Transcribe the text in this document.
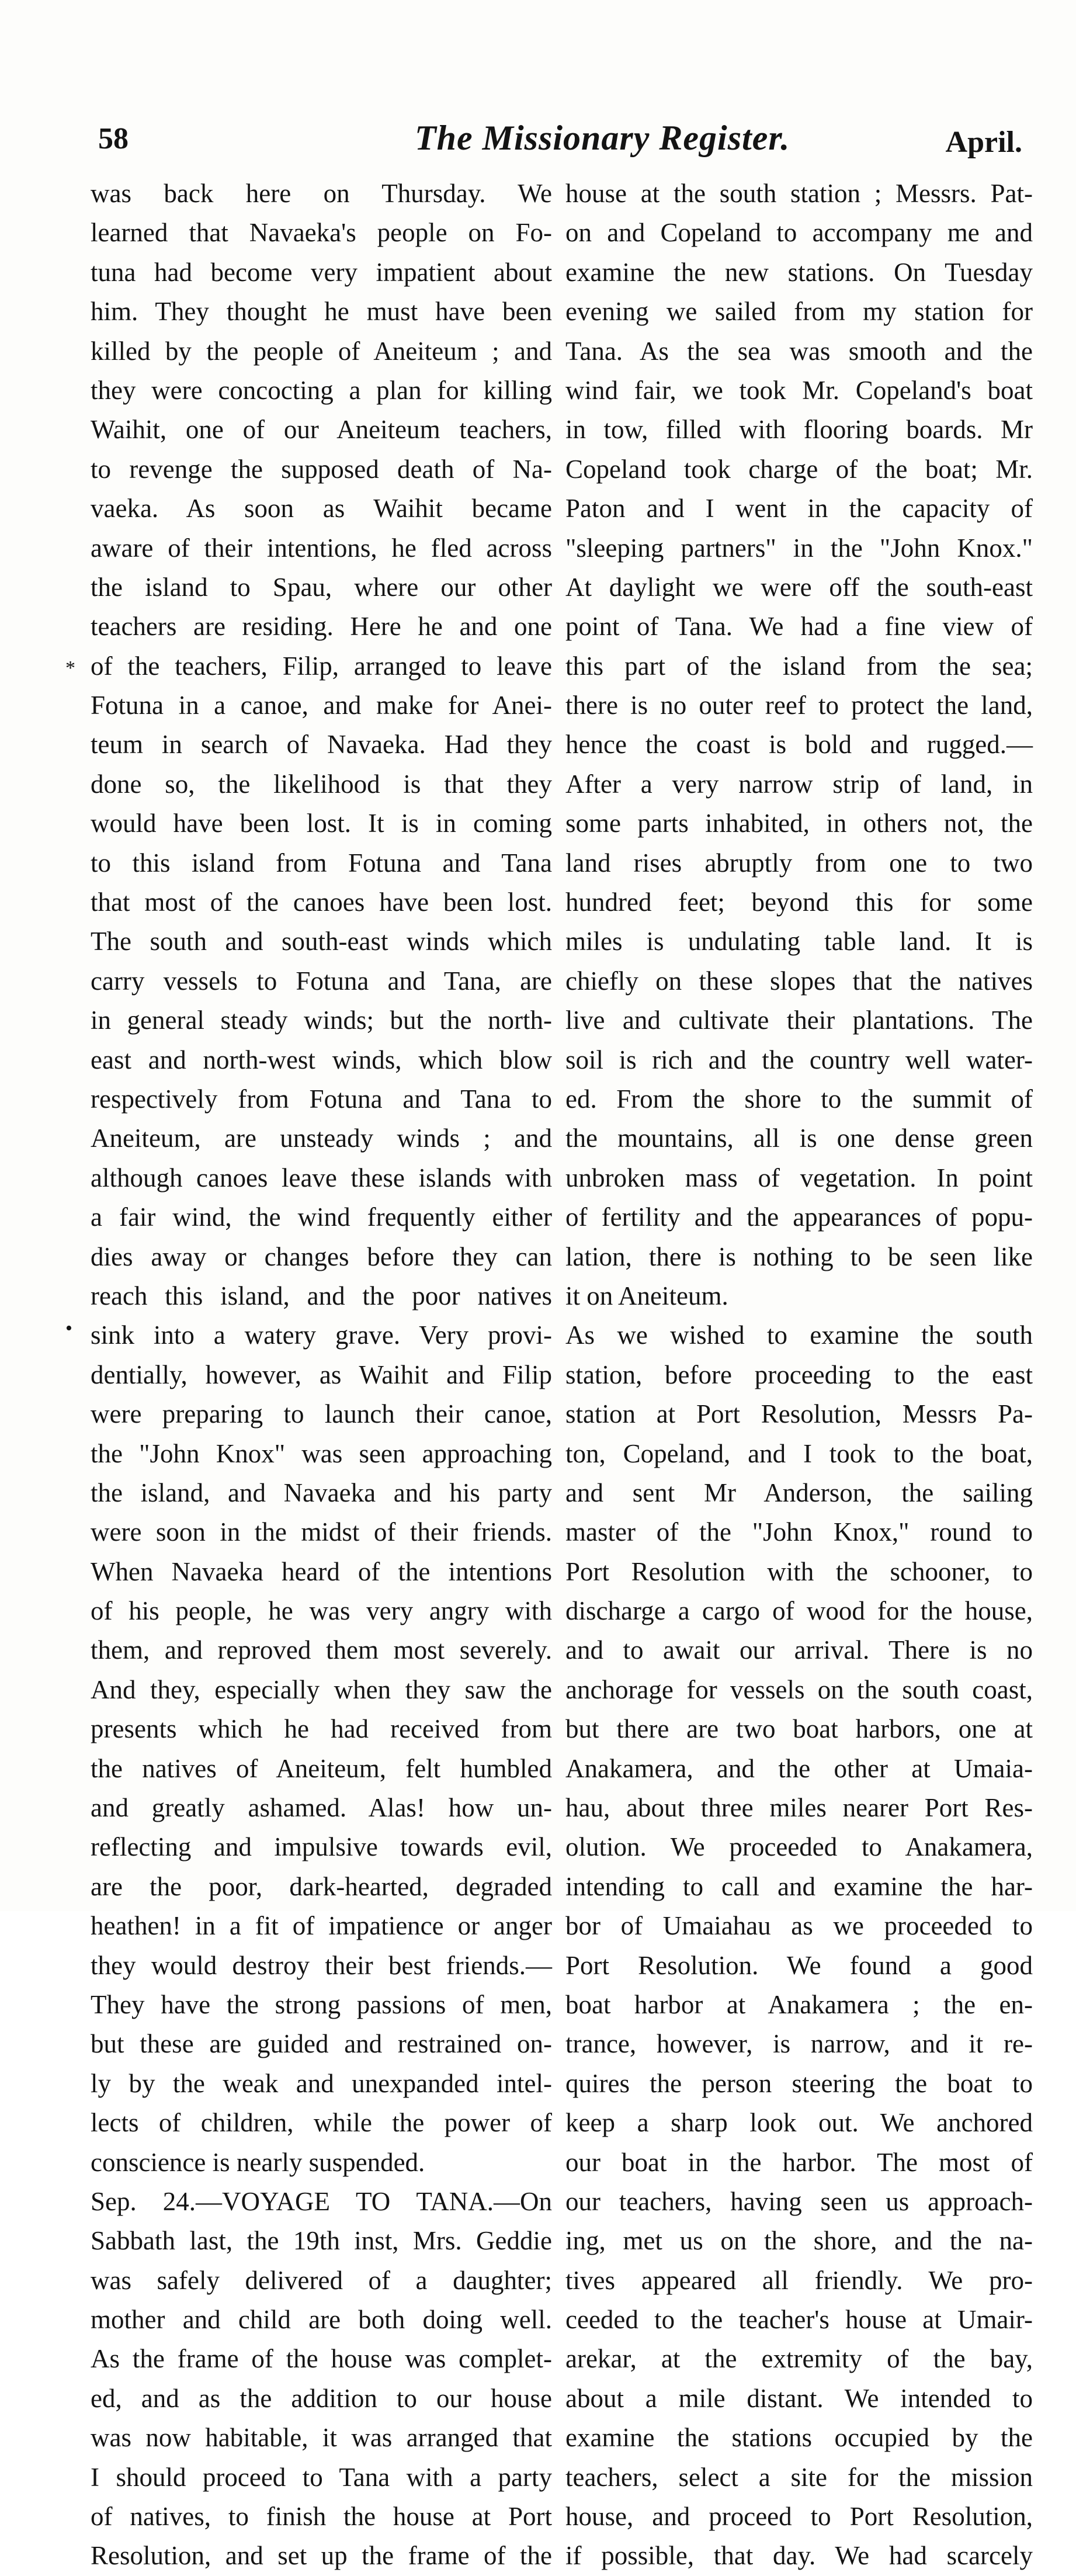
58	The Missionary Register.	April.
*
•
was back here on Thursday. We
learned that Navaeka's people on Fo-
tuna had become very impatient about
him. They thought he must have been
killed by the people of Aneiteum ; and
they were concocting a plan for killing
Waihit, one of our Aneiteum teachers,
to revenge the supposed death of Na-
vaeka. As soon as Waihit became
aware of their intentions, he fled across
the island to Spau, where our other
teachers are residing. Here he and one
of the teachers, Filip, arranged to leave
Fotuna in a canoe, and make for Anei-
teum in search of Navaeka. Had they
done so, the likelihood is that they
would have been lost. It is in coming
to this island from Fotuna and Tana
that most of the canoes have been lost.
The south and south-east winds which
carry vessels to Fotuna and Tana, are
in general steady winds; but the north-
east and north-west winds, which blow
respectively from Fotuna and Tana to
Aneiteum, are unsteady winds ; and
although canoes leave these islands with
a fair wind, the wind frequently either
dies away or changes before they can
reach this island, and the poor natives
sink into a watery grave. Very provi-
dentially, however, as Waihit and Filip
were preparing to launch their canoe,
the "John Knox" was seen approaching
the island, and Navaeka and his party
were soon in the midst of their friends.
When Navaeka heard of the intentions
of his people, he was very angry with
them, and reproved them most severely.
And they, especially when they saw the
presents which he had received from
the natives of Aneiteum, felt humbled
and greatly ashamed. Alas! how un-
reflecting and impulsive towards evil,
are the poor, dark-hearted, degraded
heathen! in a fit of impatience or anger
they would destroy their best friends.—
They have the strong passions of men,
but these are guided and restrained on-
ly by the weak and unexpanded intel-
lects of children, while the power of
conscience is nearly suspended.
Sep. 24.—VOYAGE TO TANA.—On
Sabbath last, the 19th inst, Mrs. Geddie
was safely delivered of a daughter;
mother and child are both doing well.
As the frame of the house was complet-
ed, and as the addition to our house
was now habitable, it was arranged that
I should proceed to Tana with a party
of natives, to finish the house at Port
Resolution, and set up the frame of the
house at the south station ; Messrs. Pat-
on and Copeland to accompany me and
examine the new stations. On Tuesday
evening we sailed from my station for
Tana. As the sea was smooth and the
wind fair, we took Mr. Copeland's boat
in tow, filled with flooring boards. Mr
Copeland took charge of the boat; Mr.
Paton and I went in the capacity of
"sleeping partners" in the "John Knox."
At daylight we were off the south-east
point of Tana. We had a fine view of
this part of the island from the sea;
there is no outer reef to protect the land,
hence the coast is bold and rugged.—
After a very narrow strip of land, in
some parts inhabited, in others not, the
land rises abruptly from one to two
hundred feet; beyond this for some
miles is undulating table land. It is
chiefly on these slopes that the natives
live and cultivate their plantations. The
soil is rich and the country well water-
ed. From the shore to the summit of
the mountains, all is one dense green
unbroken mass of vegetation. In point
of fertility and the appearances of popu-
lation, there is nothing to be seen like
it on Aneiteum.
As we wished to examine the south
station, before proceeding to the east
station at Port Resolution, Messrs Pa-
ton, Copeland, and I took to the boat,
and sent Mr Anderson, the sailing
master of the "John Knox," round to
Port Resolution with the schooner, to
discharge a cargo of wood for the house,
and to await our arrival. There is no
anchorage for vessels on the south coast,
but there are two boat harbors, one at
Anakamera, and the other at Umaia-
hau, about three miles nearer Port Res-
olution. We proceeded to Anakamera,
intending to call and examine the har-
bor of Umaiahau as we proceeded to
Port Resolution. We found a good
boat harbor at Anakamera ; the en-
trance, however, is narrow, and it re-
quires the person steering the boat to
keep a sharp look out. We anchored
our boat in the harbor. The most of
our teachers, having seen us approach-
ing, met us on the shore, and the na-
tives appeared all friendly. We pro-
ceeded to the teacher's house at Umair-
arekar, at the extremity of the bay,
about a mile distant. We intended to
examine the stations occupied by the
teachers, select a site for the mission
house, and proceed to Port Resolution,
if possible, that day. We had scarcely
